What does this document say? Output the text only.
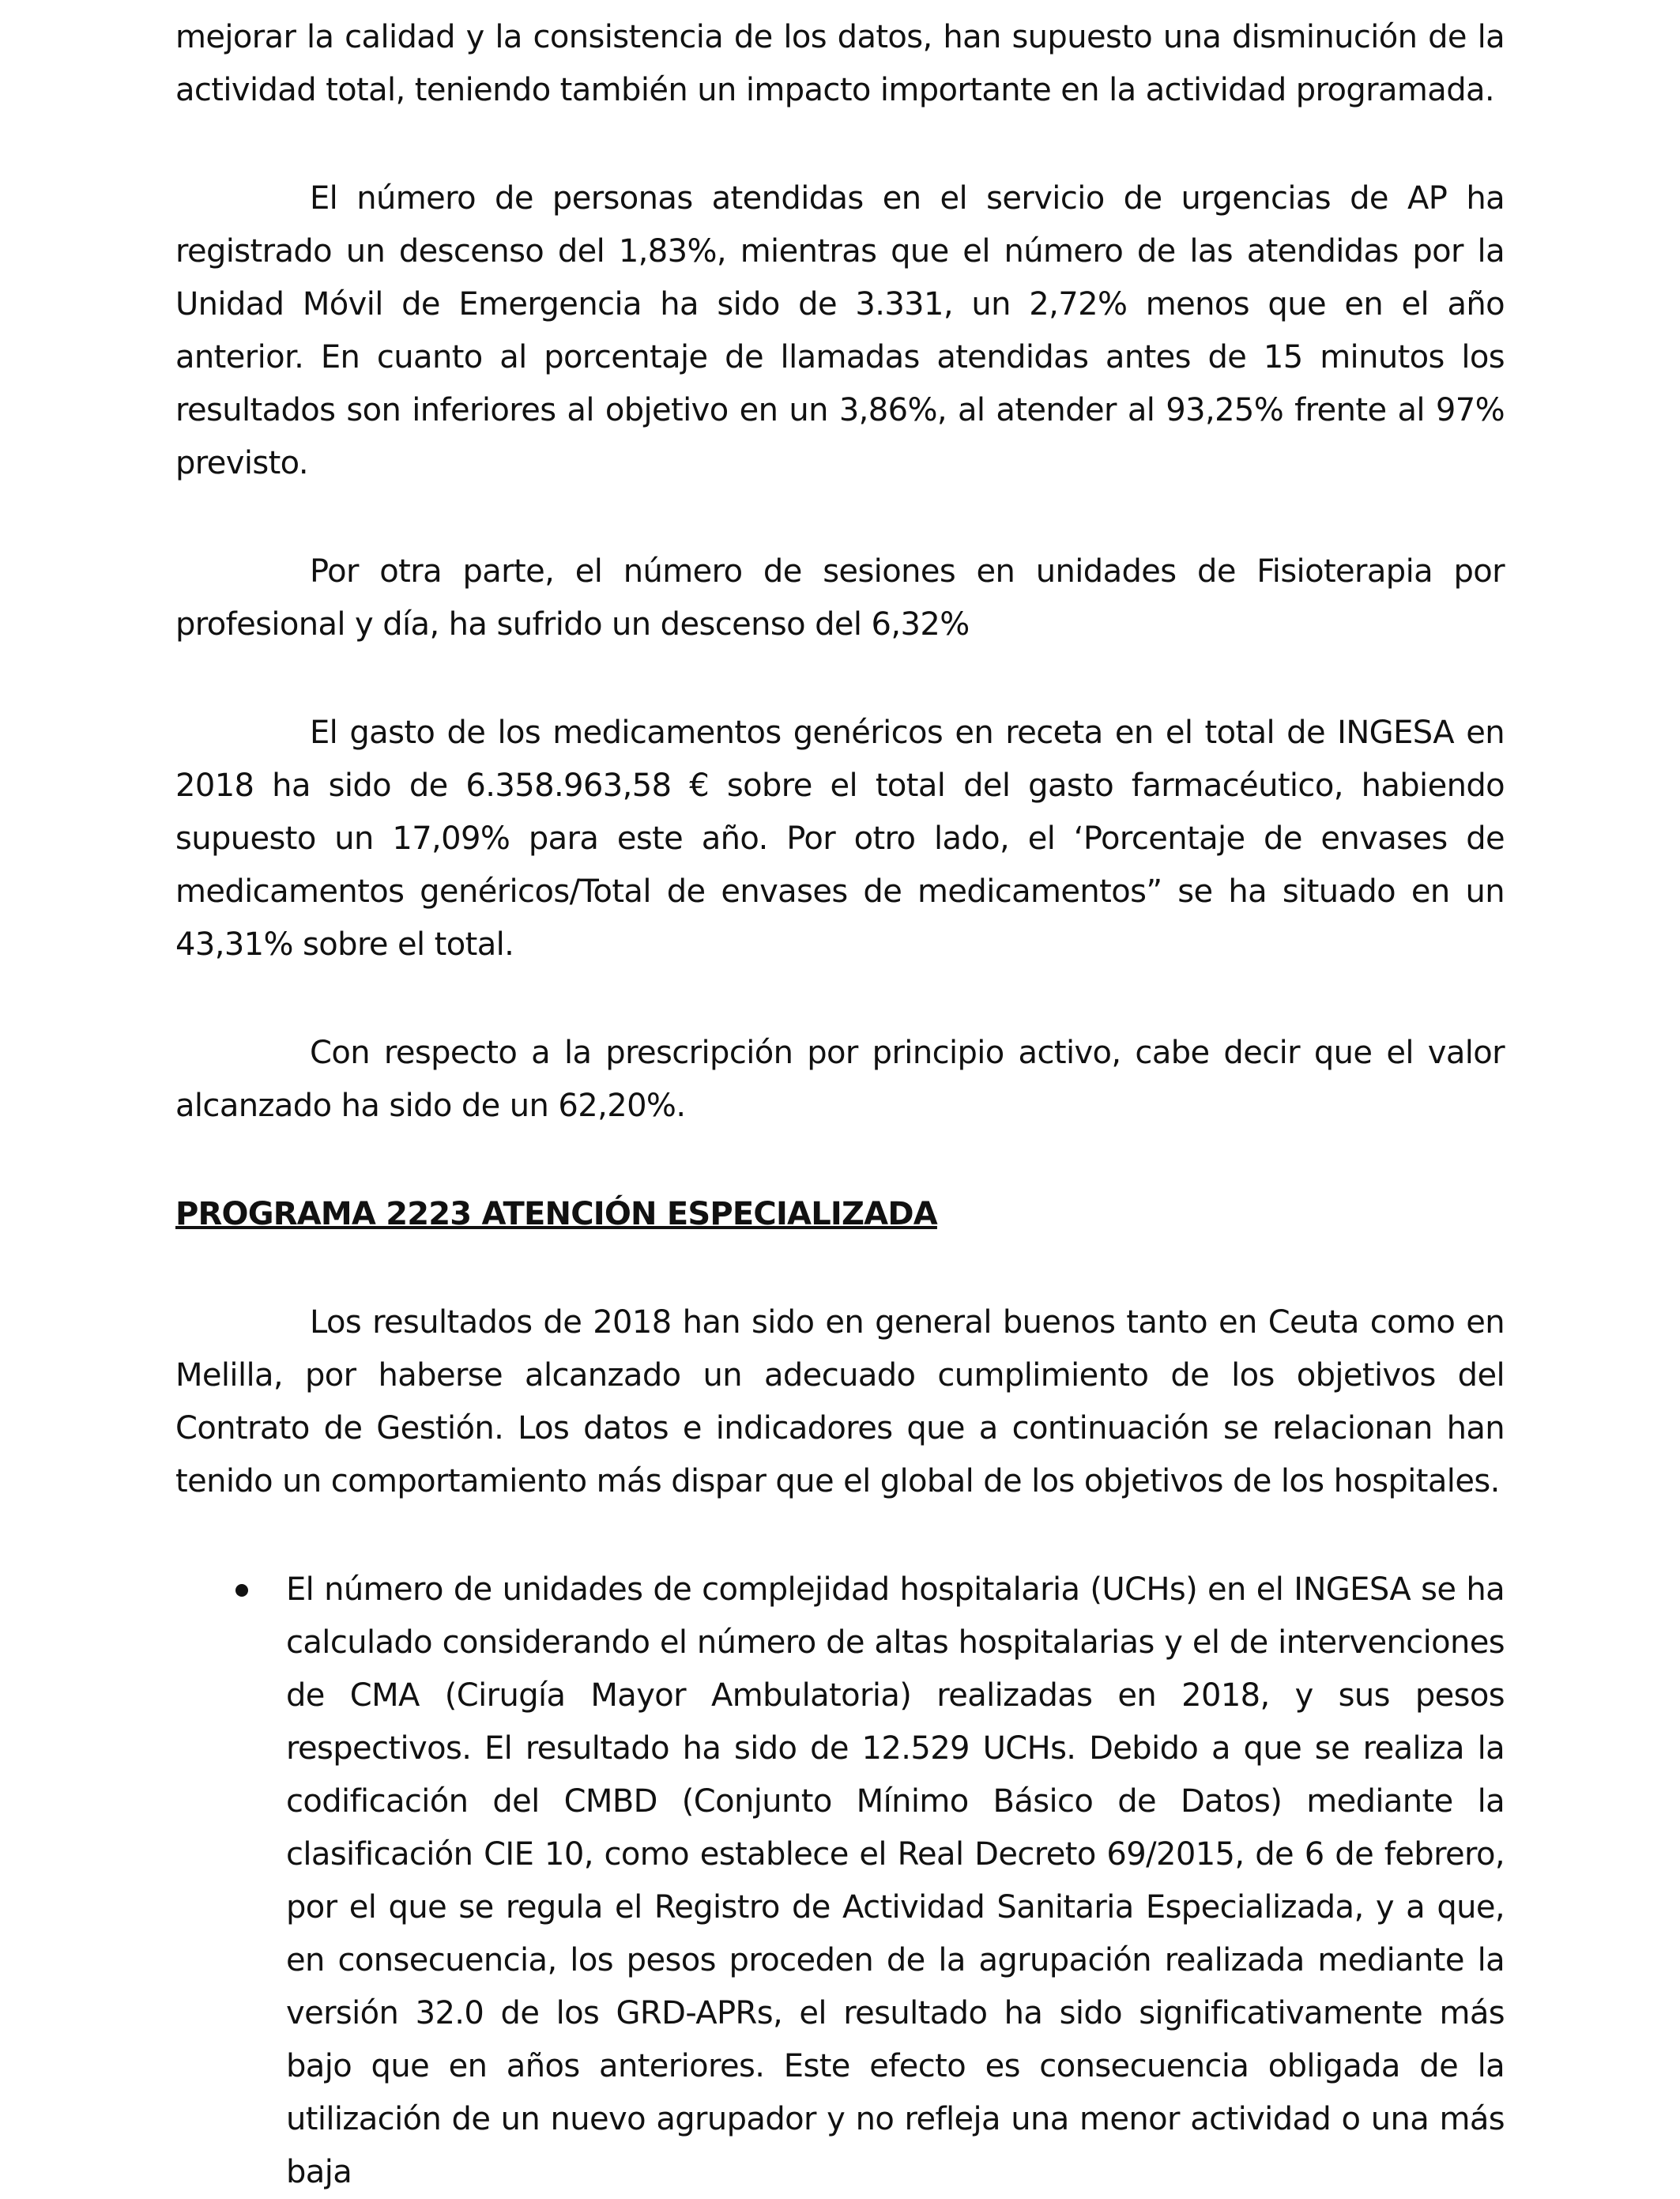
mejorar la calidad y la consistencia de los datos, han supuesto una disminución de la actividad total, teniendo también un impacto importante en la actividad programada.

El número de personas atendidas en el servicio de urgencias de AP ha registrado un descenso del 1,83%, mientras que el número de las atendidas por la Unidad Móvil de Emergencia ha sido de 3.331, un 2,72% menos que en el año anterior. En cuanto al porcentaje de llamadas atendidas antes de 15 minutos los resultados son inferiores al objetivo en un 3,86%, al atender al 93,25% frente al 97% previsto.

Por otra parte, el número de sesiones en unidades de Fisioterapia por profesional y día, ha sufrido un descenso del 6,32%

El gasto de los medicamentos genéricos en receta en el total de INGESA en 2018 ha sido de 6.358.963,58 € sobre el total del gasto farmacéutico, habiendo supuesto un 17,09% para este año. Por otro lado, el ‘Porcentaje de envases de medicamentos genéricos/Total de envases de medicamentos” se ha situado en un 43,31% sobre el total.

Con respecto a la prescripción por principio activo, cabe decir que el valor alcanzado ha sido de un 62,20%.

PROGRAMA 2223 ATENCIÓN ESPECIALIZADA

Los resultados de 2018 han sido en general buenos tanto en Ceuta como en Melilla, por haberse alcanzado un adecuado cumplimiento de los objetivos del Contrato de Gestión. Los datos e indicadores que a continuación se relacionan han tenido un comportamiento más dispar que el global de los objetivos de los hospitales.

El número de unidades de complejidad hospitalaria (UCHs) en el INGESA se ha calculado considerando el número de altas hospitalarias y el de intervenciones de CMA (Cirugía Mayor Ambulatoria) realizadas en 2018, y sus pesos respectivos. El resultado ha sido de 12.529 UCHs. Debido a que se realiza la codificación del CMBD (Conjunto Mínimo Básico de Datos) mediante la clasificación CIE 10, como establece el Real Decreto 69/2015, de 6 de febrero, por el que se regula el Registro de Actividad Sanitaria Especializada, y a que, en consecuencia, los pesos proceden de la agrupación realizada mediante la versión 32.0 de los GRD-APRs, el resultado ha sido significativamente más bajo que en años anteriores. Este efecto es consecuencia obligada de la utilización de un nuevo agrupador y no refleja una menor actividad o una más baja
